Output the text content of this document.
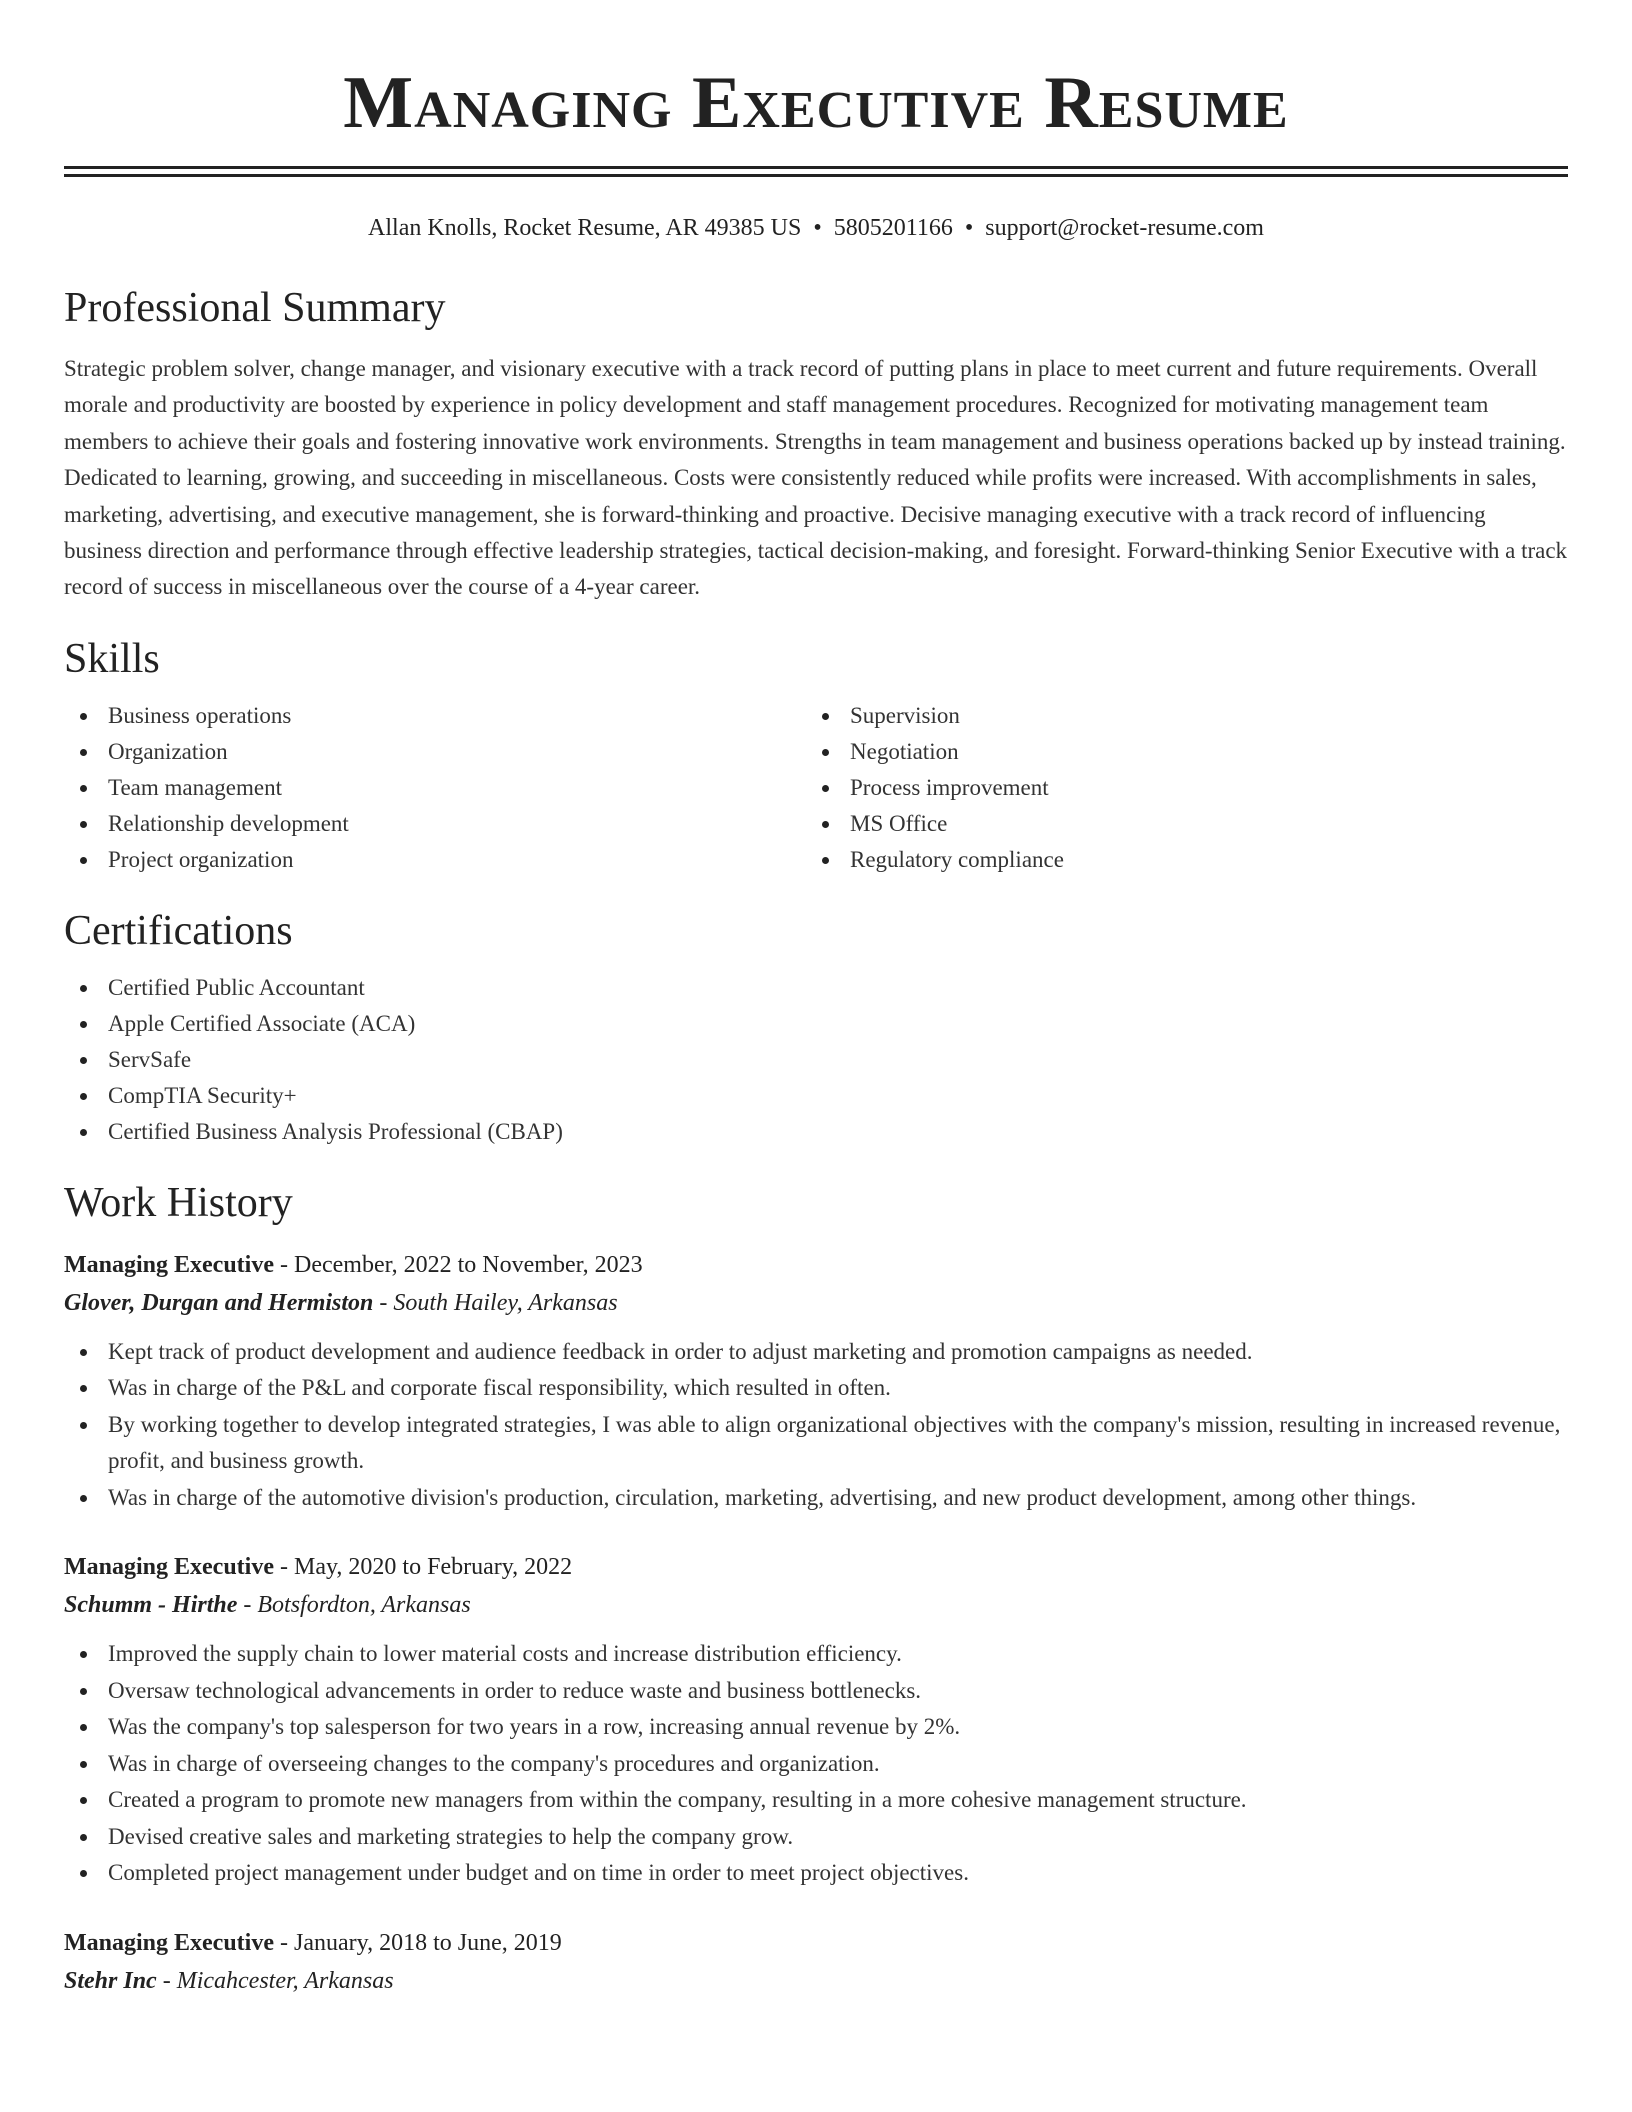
Managing Executive Resume
Allan Knolls, Rocket Resume, AR 49385 US • 5805201166 • support@rocket-resume.com
Professional Summary

Strategic problem solver, change manager, and visionary executive with a track record of putting plans in place to meet current and future requirements. Overall morale and productivity are boosted by experience in policy development and staff management procedures. Recognized for motivating management team members to achieve their goals and fostering innovative work environments. Strengths in team management and business operations backed up by instead training. Dedicated to learning, growing, and succeeding in miscellaneous. Costs were consistently reduced while profits were increased. With accomplishments in sales, marketing, advertising, and executive management, she is forward-thinking and proactive. Decisive managing executive with a track record of influencing business direction and performance through effective leadership strategies, tactical decision-making, and foresight. Forward-thinking Senior Executive with a track record of success in miscellaneous over the course of a 4-year career.

Skills
Business operations
Organization
Team management
Relationship development
Project organization
Supervision
Negotiation
Process improvement
MS Office
Regulatory compliance
Certifications
Certified Public Accountant
Apple Certified Associate (ACA)
ServSafe
CompTIA Security+
Certified Business Analysis Professional (CBAP)
Work History
Managing Executive - December, 2022 to November, 2023
Glover, Durgan and Hermiston - South Hailey, Arkansas
Kept track of product development and audience feedback in order to adjust marketing and promotion campaigns as needed.
Was in charge of the P&L and corporate fiscal responsibility, which resulted in often.
By working together to develop integrated strategies, I was able to align organizational objectives with the company's mission, resulting in increased revenue, profit, and business growth.
Was in charge of the automotive division's production, circulation, marketing, advertising, and new product development, among other things.
Managing Executive - May, 2020 to February, 2022
Schumm - Hirthe - Botsfordton, Arkansas
Improved the supply chain to lower material costs and increase distribution efficiency.
Oversaw technological advancements in order to reduce waste and business bottlenecks.
Was the company's top salesperson for two years in a row, increasing annual revenue by 2%.
Was in charge of overseeing changes to the company's procedures and organization.
Created a program to promote new managers from within the company, resulting in a more cohesive management structure.
Devised creative sales and marketing strategies to help the company grow.
Completed project management under budget and on time in order to meet project objectives.
Managing Executive - January, 2018 to June, 2019
Stehr Inc - Micahcester, Arkansas
